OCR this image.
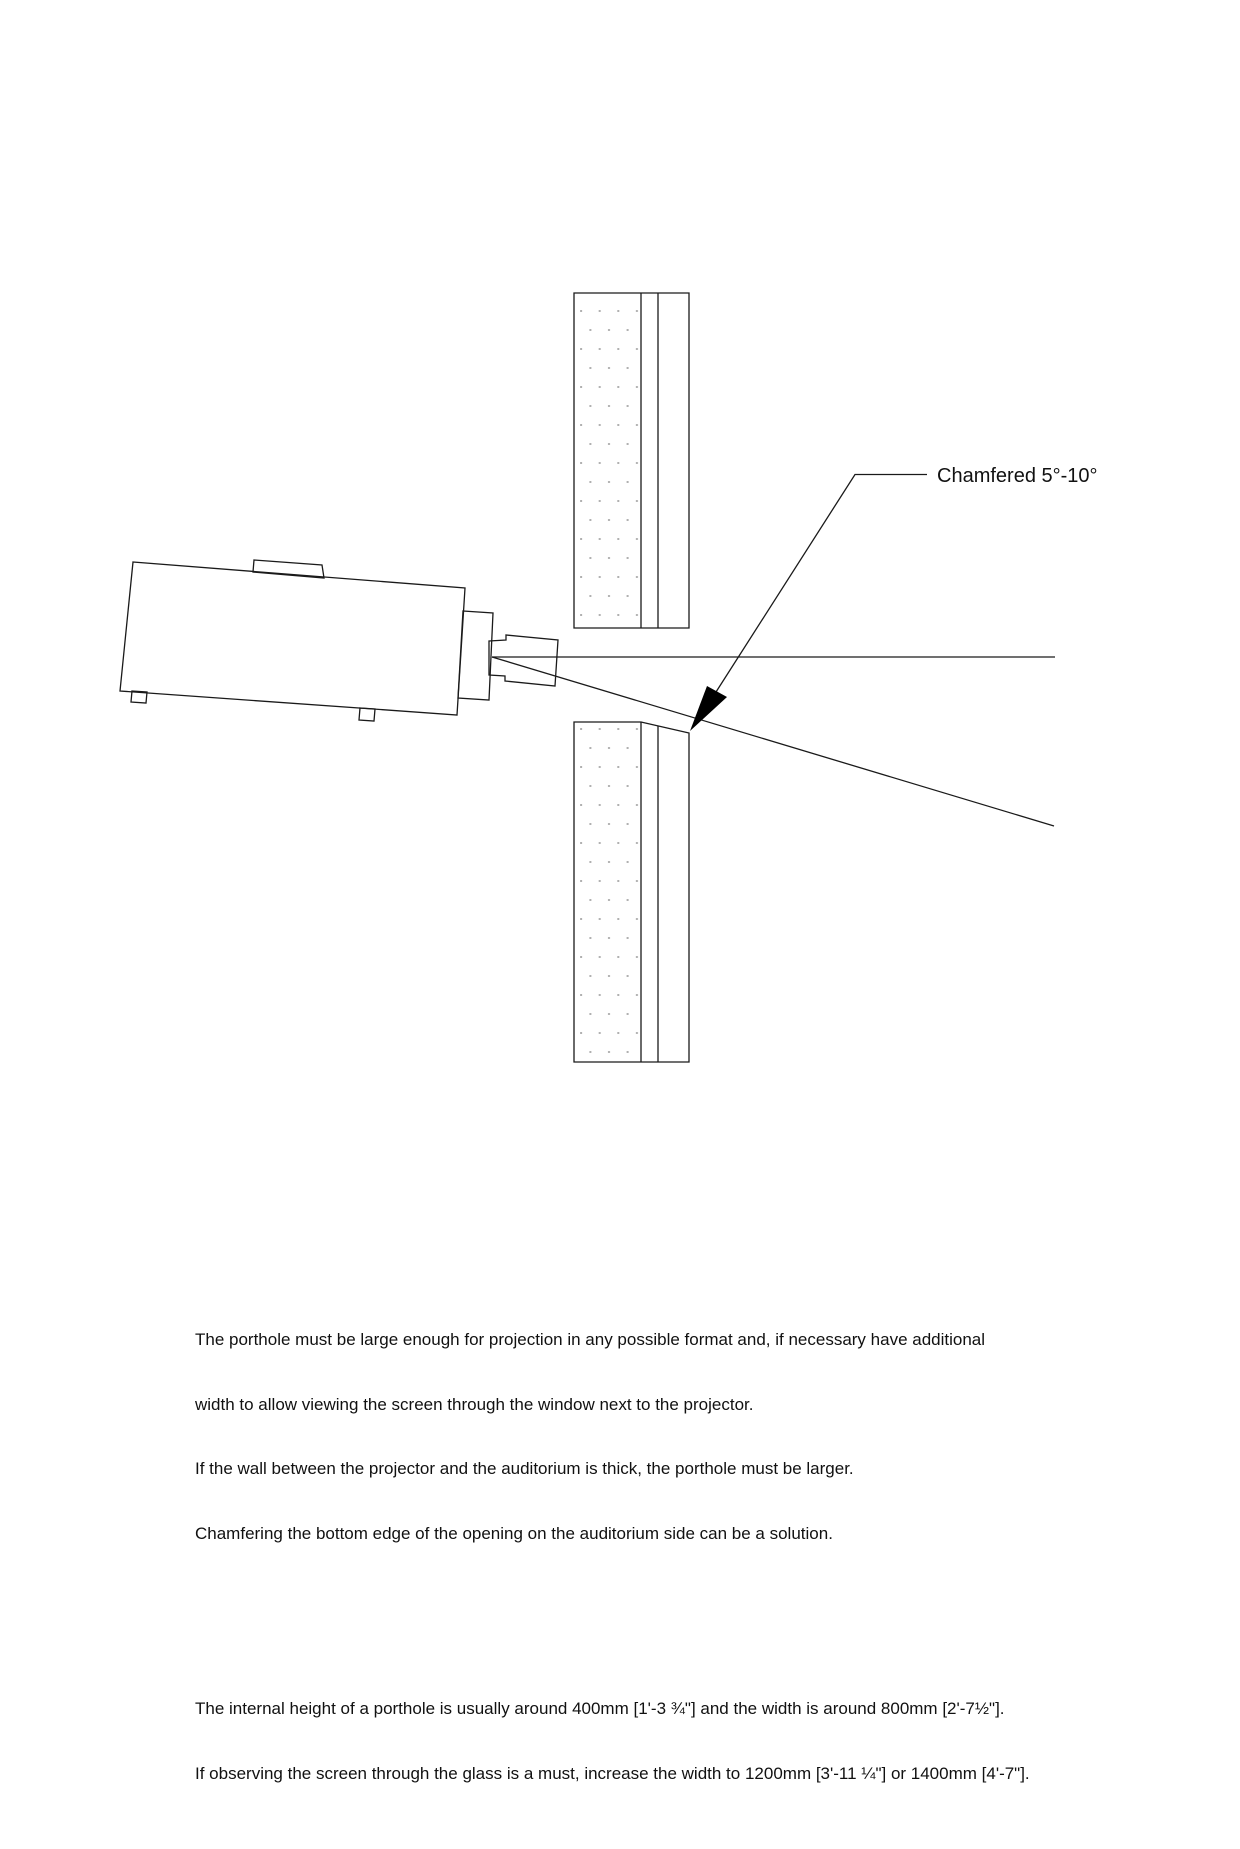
Chamfered 5°-10°

The porthole must be large enough for projection in any possible format and, if necessary have additional

width to allow viewing the screen through the window next to the projector.

If the wall between the projector and the auditorium is thick, the porthole must be larger.

Chamfering the bottom edge of the opening on the auditorium side can be a solution.

The internal height of a porthole is usually around 400mm [1'-3 ¾"] and the width is around 800mm [2'-7½"].

If observing the screen through the glass is a must, increase the width to 1200mm [3'-11 ¼"] or 1400mm [4'-7"].
